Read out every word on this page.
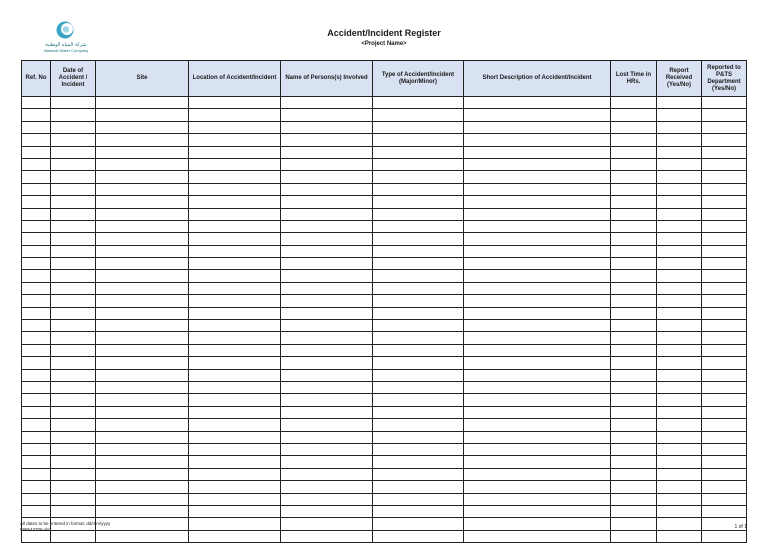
شركة المياه الوطنية
National Water Company
Accident/Incident Register
<Project Name>
Ref. No	Date of Accident / Incident	Site	Location of Accident/Incident	Name of Persons(s) Involved	Type of Accident/Incident (Major/Minor)	Short Description of Accident/Incident	Lost Time in HRs.	Report Received (Yes/No)	Reported to P&TS Department (Yes/No)

All dates to be entered in format: dd/mm/yyyy
888543709.xlsx	1 of 1
